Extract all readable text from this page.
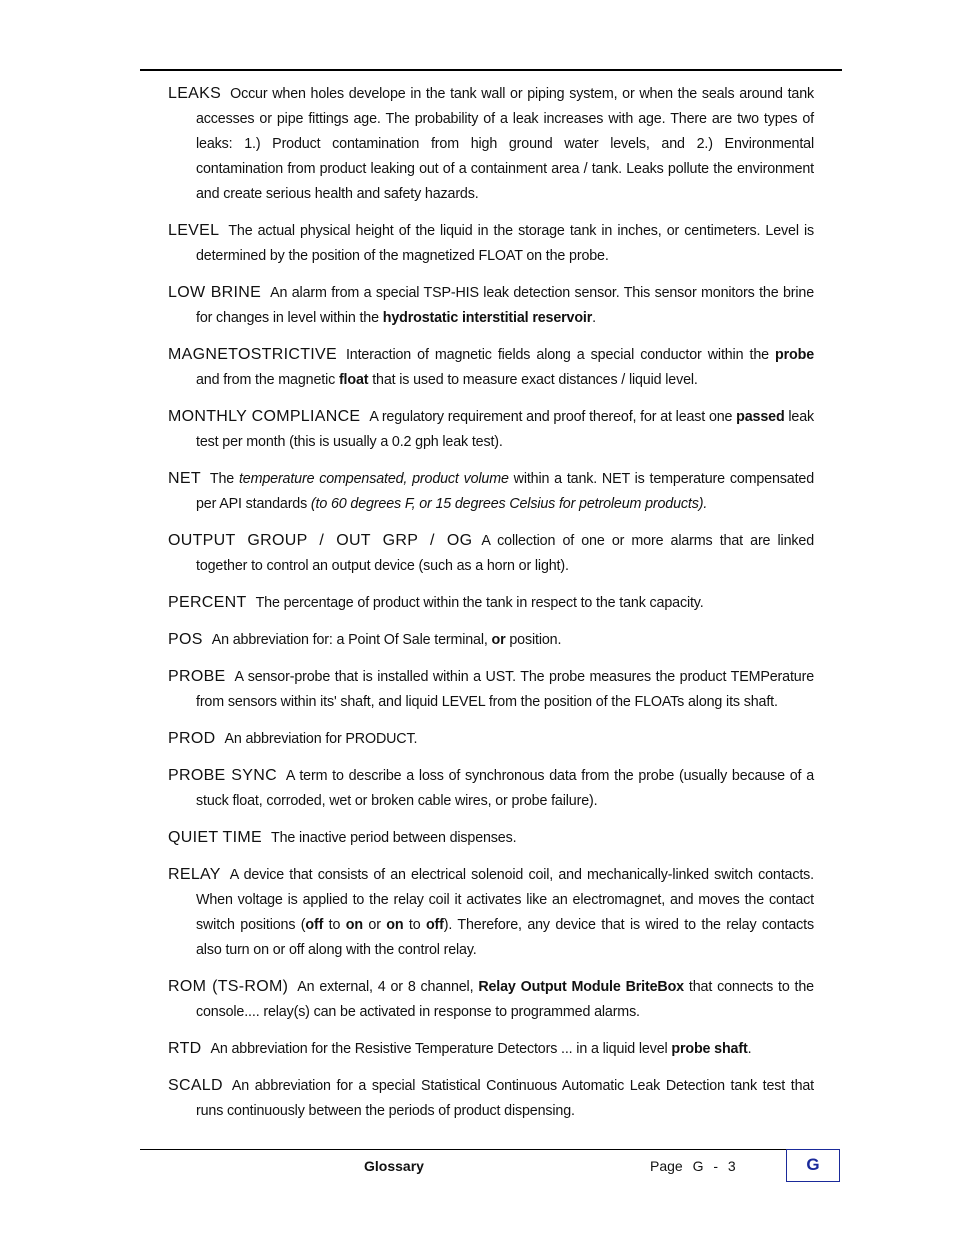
LEAKS Occur when holes develope in the tank wall or piping system, or when the seals around tank accesses or pipe fittings age. The probability of a leak increases with age. There are two types of leaks: 1.) Product contamination from high ground water levels, and 2.) Environmental contamination from product leaking out of a containment area / tank. Leaks pollute the environment and create serious health and safety hazards.

LEVEL The actual physical height of the liquid in the storage tank in inches, or centimeters. Level is determined by the position of the magnetized FLOAT on the probe.

LOW BRINE An alarm from a special TSP-HIS leak detection sensor. This sensor monitors the brine for changes in level within the hydrostatic interstitial reservoir.

MAGNETOSTRICTIVE Interaction of magnetic fields along a special conductor within the probe and from the magnetic float that is used to measure exact distances / liquid level.

MONTHLY COMPLIANCE A regulatory requirement and proof thereof, for at least one passed leak test per month (this is usually a 0.2 gph leak test).

NET The temperature compensated, product volume within a tank. NET is temperature compensated per API standards (to 60 degrees F, or 15 degrees Celsius for petroleum products).

OUTPUT GROUP / OUT GRP / OG A collection of one or more alarms that are linked together to control an output device (such as a horn or light).

PERCENT The percentage of product within the tank in respect to the tank capacity.

POS An abbreviation for: a Point Of Sale terminal, or position.

PROBE A sensor-probe that is installed within a UST. The probe measures the product TEMPerature from sensors within its' shaft, and liquid LEVEL from the position of the FLOATs along its shaft.

PROD An abbreviation for PRODUCT.

PROBE SYNC A term to describe a loss of synchronous data from the probe (usually because of a stuck float, corroded, wet or broken cable wires, or probe failure).

QUIET TIME The inactive period between dispenses.

RELAY A device that consists of an electrical solenoid coil, and mechanically-linked switch contacts. When voltage is applied to the relay coil it activates like an electromagnet, and moves the contact switch positions (off to on or on to off). Therefore, any device that is wired to the relay contacts also turn on or off along with the control relay.

ROM (TS-ROM) An external, 4 or 8 channel, Relay Output Module BriteBox that connects to the console.... relay(s) can be activated in response to programmed alarms.

RTD An abbreviation for the Resistive Temperature Detectors ... in a liquid level probe shaft.

SCALD An abbreviation for a special Statistical Continuous Automatic Leak Detection tank test that runs continuously between the periods of product dispensing.

Glossary	Page G - 3	G
